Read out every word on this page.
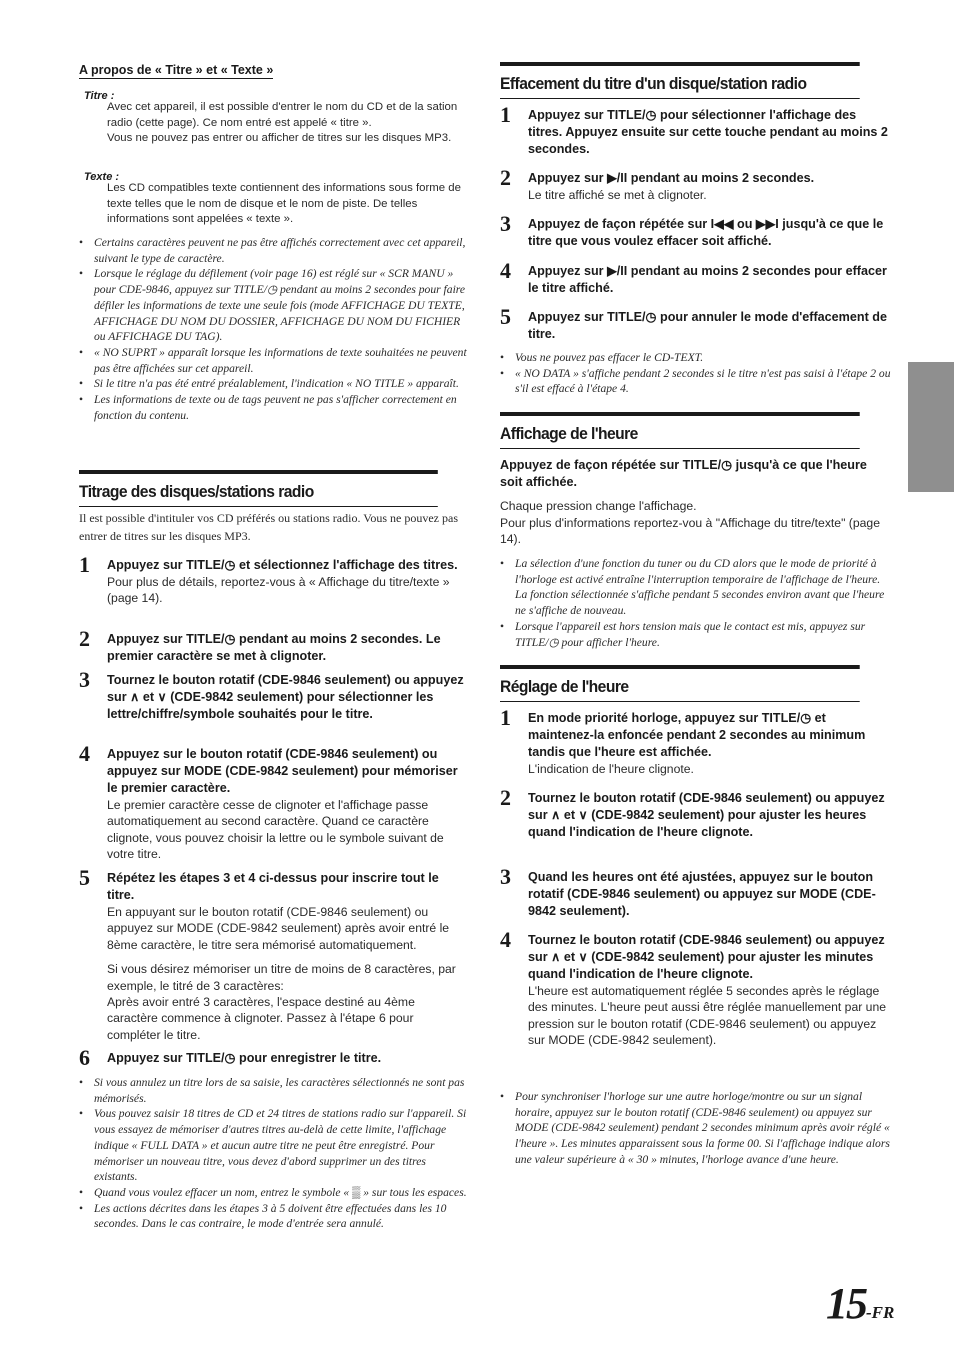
A propos de « Titre » et « Texte »
Titre :
Avec cet appareil, il est possible d'entrer le nom du CD et de la sation radio (cette page). Ce nom entré est appelé « titre ».
Vous ne pouvez pas entrer ou afficher de titres sur les disques MP3.
Texte :
Les CD compatibles texte contiennent des informations sous forme de texte telles que le nom de disque et le nom de piste. De telles informations sont appelées « texte ».
• Certains caractères peuvent ne pas être affichés correctement avec cet appareil, suivant le type de caractère.
• Lorsque le réglage du défilement (voir page 16) est réglé sur « SCR MANU » pour CDE-9846, appuyez sur TITLE/◷ pendant au moins 2 secondes pour faire défiler les informations de texte une seule fois (mode AFFICHAGE DU TEXTE, AFFICHAGE DU NOM DU DOSSIER, AFFICHAGE DU NOM DU FICHIER ou AFFICHAGE DU TAG).
• « NO SUPRT » apparaît lorsque les informations de texte souhaitées ne peuvent pas être affichées sur cet appareil.
• Si le titre n'a pas été entré préalablement, l'indication « NO TITLE » apparaît.
• Les informations de texte ou de tags peuvent ne pas s'afficher correctement en fonction du contenu.
Titrage des disques/stations radio
Il est possible d'intituler vos CD préférés ou stations radio. Vous ne pouvez pas entrer de titres sur les disques MP3.
1 Appuyez sur TITLE/◷ et sélectionnez l'affichage des titres.
Pour plus de détails, reportez-vous à « Affichage du titre/texte » (page 14).
2 Appuyez sur TITLE/◷ pendant au moins 2 secondes. Le premier caractère se met à clignoter.
3 Tournez le bouton rotatif (CDE-9846 seulement) ou appuyez sur ∧ et ∨ (CDE-9842 seulement) pour sélectionner les lettre/chiffre/symbole souhaités pour le titre.
4 Appuyez sur le bouton rotatif (CDE-9846 seulement) ou appuyez sur MODE (CDE-9842 seulement) pour mémoriser le premier caractère.
Le premier caractère cesse de clignoter et l'affichage passe automatiquement au second caractère. Quand ce caractère clignote, vous pouvez choisir la lettre ou le symbole suivant de votre titre.
5 Répétez les étapes 3 et 4 ci-dessus pour inscrire tout le titre.
En appuyant sur le bouton rotatif (CDE-9846 seulement) ou appuyez sur MODE (CDE-9842 seulement) après avoir entré le 8ème caractère, le titre sera mémorisé automatiquement.
Si vous désirez mémoriser un titre de moins de 8 caractères, par exemple, le titré de 3 caractères:
Après avoir entré 3 caractères, l'espace destiné au 4ème caractère commence à clignoter. Passez à l'étape 6 pour compléter le titre.
6 Appuyez sur TITLE/◷ pour enregistrer le titre.
• Si vous annulez un titre lors de sa saisie, les caractères sélectionnés ne sont pas mémorisés.
• Vous pouvez saisir 18 titres de CD et 24 titres de stations radio sur l'appareil. Si vous essayez de mémoriser d'autres titres au-delà de cette limite, l'affichage indique « FULL DATA » et aucun autre titre ne peut être enregistré. Pour mémoriser un nouveau titre, vous devez d'abord supprimer un des titres existants.
• Quand vous voulez effacer un nom, entrez le symbole « ▒ » sur tous les espaces.
• Les actions décrites dans les étapes 3 à 5 doivent être effectuées dans les 10 secondes. Dans le cas contraire, le mode d'entrée sera annulé.
Effacement du titre d'un disque/station radio
1 Appuyez sur TITLE/◷ pour sélectionner l'affichage des titres. Appuyez ensuite sur cette touche pendant au moins 2 secondes.
2 Appuyez sur ▶/II pendant au moins 2 secondes.
Le titre affiché se met à clignoter.
3 Appuyez de façon répétée sur I◀◀ ou ▶▶I jusqu'à ce que le titre que vous voulez effacer soit affiché.
4 Appuyez sur ▶/II pendant au moins 2 secondes pour effacer le titre affiché.
5 Appuyez sur TITLE/◷ pour annuler le mode d'effacement de titre.
• Vous ne pouvez pas effacer le CD-TEXT.
• « NO DATA » s'affiche pendant 2 secondes si le titre n'est pas saisi à l'étape 2 ou s'il est effacé à l'étape 4.
Affichage de l'heure
Appuyez de façon répétée sur TITLE/◷ jusqu'à ce que l'heure soit affichée.
Chaque pression change l'affichage.
Pour plus d'informations reportez-vou à "Affichage du titre/texte" (page 14).
• La sélection d'une fonction du tuner ou du CD alors que le mode de priorité à l'horloge est activé entraîne l'interruption temporaire de l'affichage de l'heure. La fonction sélectionnée s'affiche pendant 5 secondes environ avant que l'heure ne s'affiche de nouveau.
• Lorsque l'appareil est hors tension mais que le contact est mis, appuyez sur TITLE/◷ pour afficher l'heure.
Réglage de l'heure
1 En mode priorité horloge, appuyez sur TITLE/◷ et maintenez-la enfoncée pendant 2 secondes au minimum tandis que l'heure est affichée.
L'indication de l'heure clignote.
2 Tournez le bouton rotatif (CDE-9846 seulement) ou appuyez sur ∧ et ∨ (CDE-9842 seulement) pour ajuster les heures quand l'indication de l'heure clignote.
3 Quand les heures ont été ajustées, appuyez sur le bouton rotatif (CDE-9846 seulement) ou appuyez sur MODE (CDE-9842 seulement).
4 Tournez le bouton rotatif (CDE-9846 seulement) ou appuyez sur ∧ et ∨ (CDE-9842 seulement) pour ajuster les minutes quand l'indication de l'heure clignote.
L'heure est automatiquement réglée 5 secondes après le réglage des minutes. L'heure peut aussi être réglée manuellement par une pression sur le bouton rotatif (CDE-9846 seulement) ou appuyez sur MODE (CDE-9842 seulement).
• Pour synchroniser l'horloge sur une autre horloge/montre ou sur un signal horaire, appuyez sur le bouton rotatif (CDE-9846 seulement) ou appuyez sur MODE (CDE-9842 seulement) pendant 2 secondes minimum après avoir réglé « l'heure ». Les minutes apparaissent sous la forme 00. Si l'affichage indique alors une valeur supérieure à « 30 » minutes, l'horloge avance d'une heure.
15-FR
